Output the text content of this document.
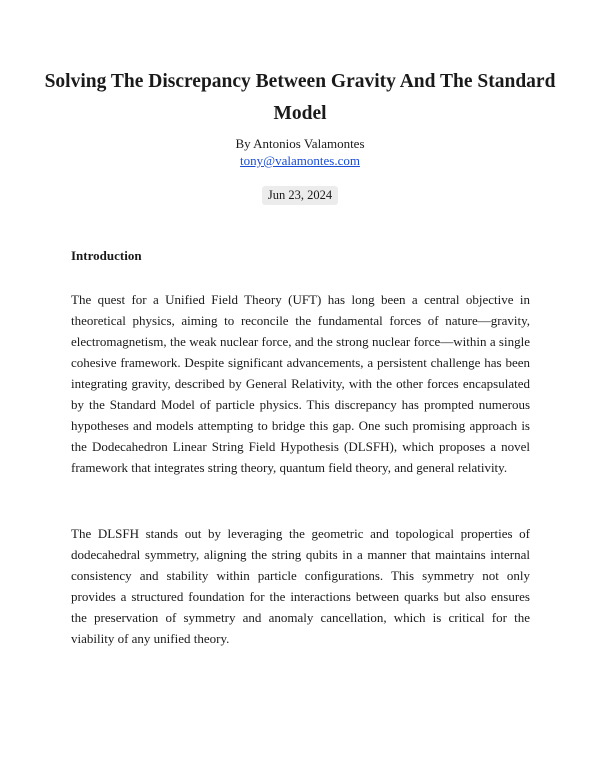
Solving The Discrepancy Between Gravity And The Standard Model
By Antonios Valamontes
tony@valamontes.com
Jun 23, 2024
Introduction

The quest for a Unified Field Theory (UFT) has long been a central objective in theoretical physics, aiming to reconcile the fundamental forces of nature—gravity, electromagnetism, the weak nuclear force, and the strong nuclear force—within a single cohesive framework. Despite significant advancements, a persistent challenge has been integrating gravity, described by General Relativity, with the other forces encapsulated by the Standard Model of particle physics. This discrepancy has prompted numerous hypotheses and models attempting to bridge this gap. One such promising approach is the Dodecahedron Linear String Field Hypothesis (DLSFH), which proposes a novel framework that integrates string theory, quantum field theory, and general relativity.

The DLSFH stands out by leveraging the geometric and topological properties of dodecahedral symmetry, aligning the string qubits in a manner that maintains internal consistency and stability within particle configurations. This symmetry not only provides a structured foundation for the interactions between quarks but also ensures the preservation of symmetry and anomaly cancellation, which is critical for the viability of any unified theory.
